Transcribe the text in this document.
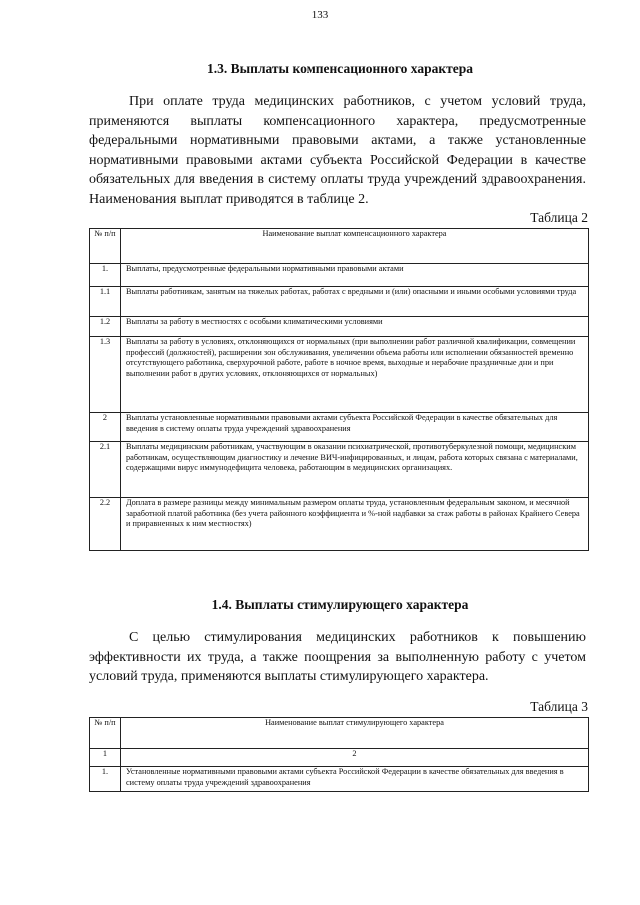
133
1.3. Выплаты компенсационного характера

При оплате труда медицинских работников, с учетом условий труда, применяются выплаты компенсационного характера, предусмотренные федеральными нормативными правовыми актами, а также установленные нормативными правовыми актами субъекта Российской Федерации в качестве обязательных для введения в систему оплаты труда учреждений здравоохранения. Наименования выплат приводятся в таблице 2.

Таблица 2
№ п/п	Наименование выплат компенсационного характера
1.	Выплаты, предусмотренные федеральными нормативными правовыми актами
1.1	Выплаты работникам, занятым на тяжелых работах, работах с вредными и (или) опасными и иными особыми условиями труда
1.2	Выплаты за работу в местностях с особыми климатическими условиями
1.3	Выплаты за работу в условиях, отклоняющихся от нормальных (при выполнении работ различной квалификации, совмещении профессий (должностей), расширении зон обслуживания, увеличении объема работы или исполнении обязанностей временно отсутствующего работника, сверхурочной работе, работе в ночное время, выходные и нерабочие праздничные дни и при выполнении работ в других условиях, отклоняющихся от нормальных)
2	Выплаты установленные нормативными правовыми актами субъекта Российской Федерации в качестве обязательных для введения в систему оплаты труда учреждений здравоохранения
2.1	Выплаты медицинским работникам, участвующим в оказании психиатрической, противотуберкулезной помощи, медицинским работникам, осуществляющим диагностику и лечение ВИЧ-инфицированных, и лицам, работа которых связана с материалами, содержащими вирус иммунодефицита человека, работающим в медицинских организациях.
2.2	Доплата в размере разницы между минимальным размером оплаты труда, установленным федеральным законом, и месячной заработной платой работника (без учета районного коэффициента и %-ной надбавки за стаж работы в районах Крайнего Севера и приравненных к ним местностях)
1.4. Выплаты стимулирующего характера

С целью стимулирования медицинских работников к повышению эффективности их труда, а также поощрения за выполненную работу с учетом условий труда, применяются выплаты стимулирующего характера.

Таблица 3
№ п/п	Наименование выплат стимулирующего характера
1	2
1.	Установленные нормативными правовыми актами субъекта Российской Федерации в качестве обязательных для введения в систему оплаты труда учреждений здравоохранения
